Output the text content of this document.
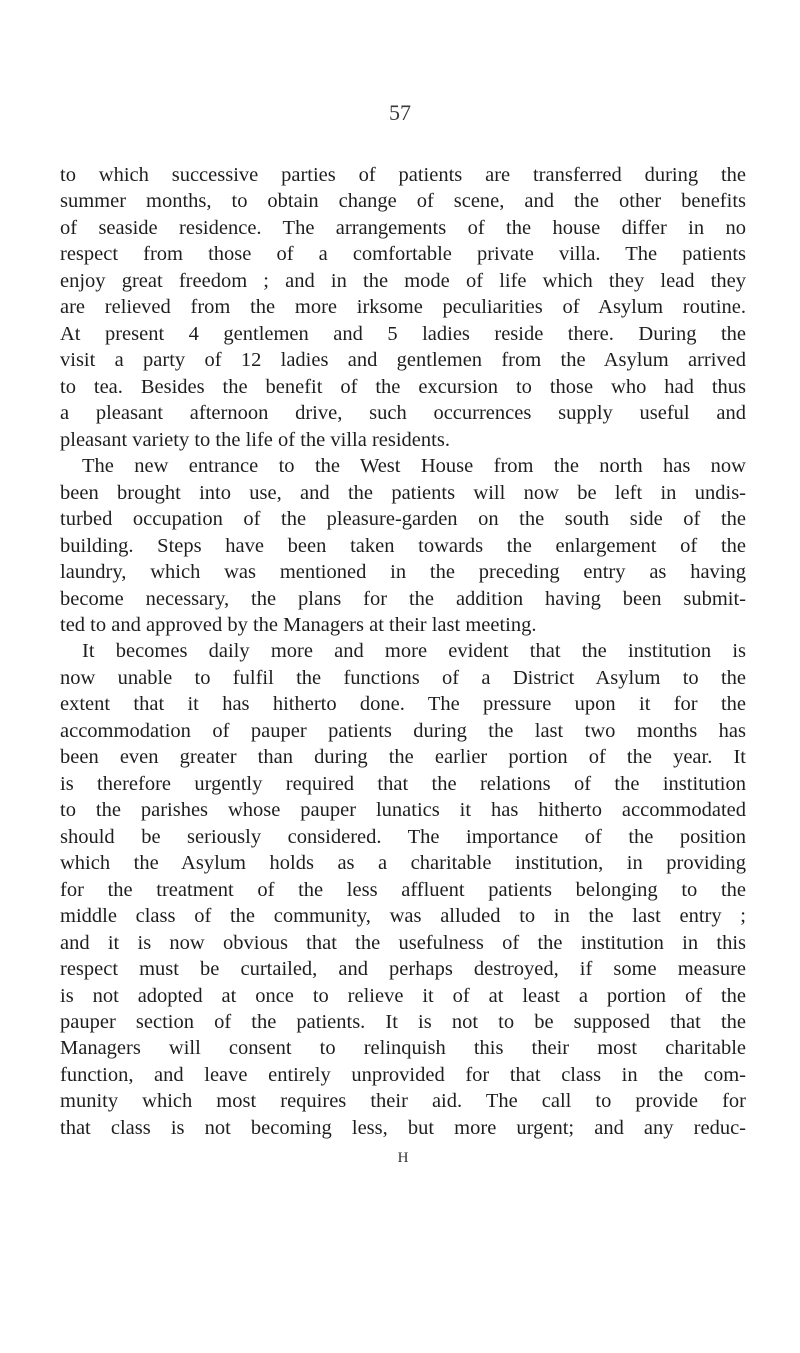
57
to which successive parties of patients are transferred during the
summer months, to obtain change of scene, and the other benefits
of seaside residence. The arrangements of the house differ in no
respect from those of a comfortable private villa. The patients
enjoy great freedom ; and in the mode of life which they lead they
are relieved from the more irksome peculiarities of Asylum routine.
At present 4 gentlemen and 5 ladies reside there. During the
visit a party of 12 ladies and gentlemen from the Asylum arrived
to tea. Besides the benefit of the excursion to those who had thus
a pleasant afternoon drive, such occurrences supply useful and
pleasant variety to the life of the villa residents.
The new entrance to the West House from the north has now
been brought into use, and the patients will now be left in undis-
turbed occupation of the pleasure-garden on the south side of the
building. Steps have been taken towards the enlargement of the
laundry, which was mentioned in the preceding entry as having
become necessary, the plans for the addition having been submit-
ted to and approved by the Managers at their last meeting.
It becomes daily more and more evident that the institution is
now unable to fulfil the functions of a District Asylum to the
extent that it has hitherto done. The pressure upon it for the
accommodation of pauper patients during the last two months has
been even greater than during the earlier portion of the year. It
is therefore urgently required that the relations of the institution
to the parishes whose pauper lunatics it has hitherto accommodated
should be seriously considered. The importance of the position
which the Asylum holds as a charitable institution, in providing
for the treatment of the less affluent patients belonging to the
middle class of the community, was alluded to in the last entry ;
and it is now obvious that the usefulness of the institution in this
respect must be curtailed, and perhaps destroyed, if some measure
is not adopted at once to relieve it of at least a portion of the
pauper section of the patients. It is not to be supposed that the
Managers will consent to relinquish this their most charitable
function, and leave entirely unprovided for that class in the com-
munity which most requires their aid. The call to provide for
that class is not becoming less, but more urgent; and any reduc-
H
